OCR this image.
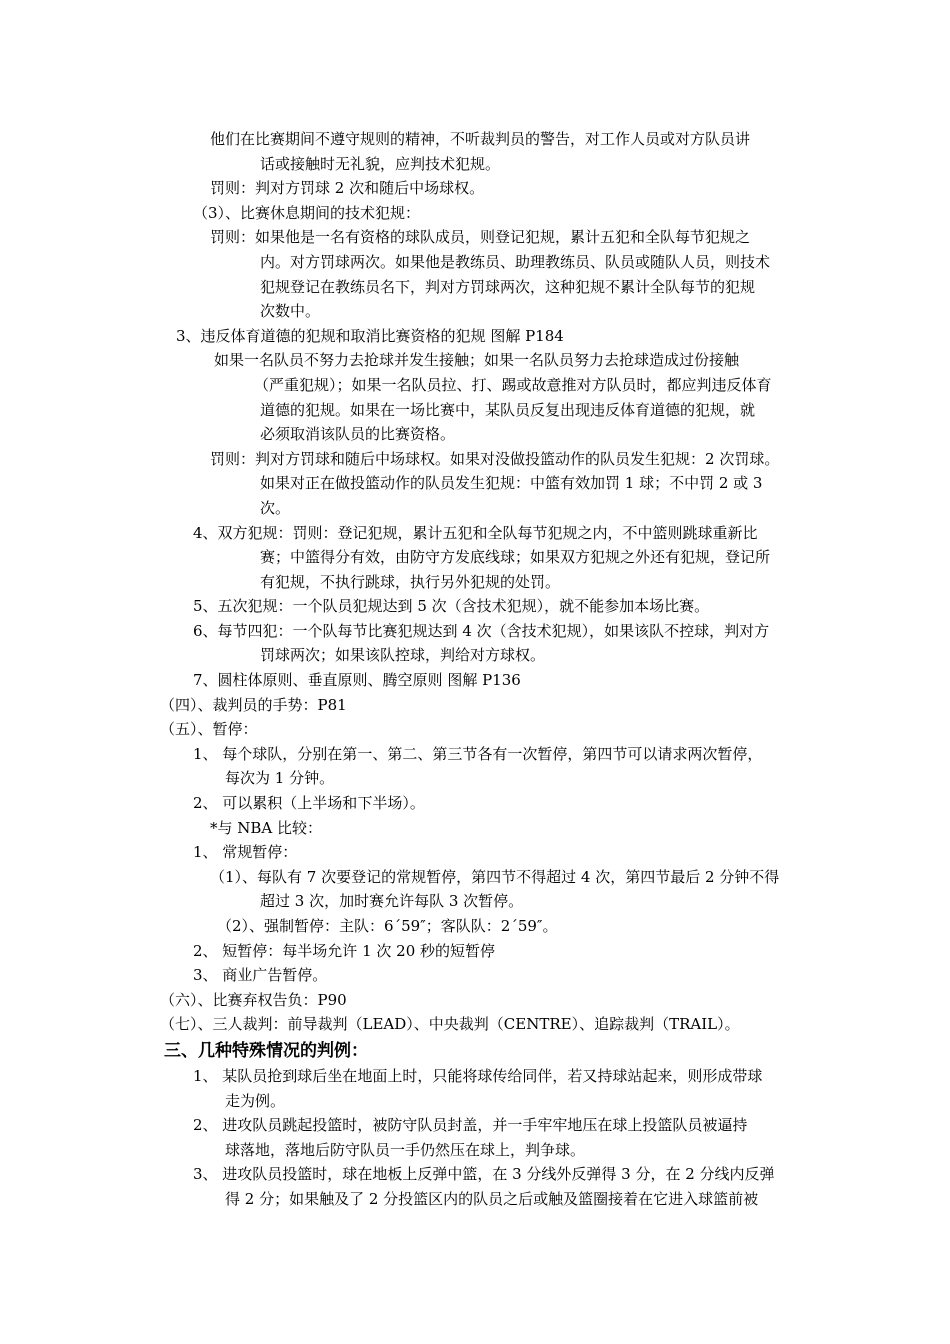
他们在比赛期间不遵守规则的精神，不听裁判员的警告，对工作人员或对方队员讲
话或接触时无礼貌，应判技术犯规。
罚则：判对方罚球 2 次和随后中场球权。
（3）、比赛休息期间的技术犯规：
罚则：如果他是一名有资格的球队成员，则登记犯规，累计五犯和全队每节犯规之
内。对方罚球两次。如果他是教练员、助理教练员、队员或随队人员，则技术
犯规登记在教练员名下，判对方罚球两次，这种犯规不累计全队每节的犯规
次数中。
3、违反体育道德的犯规和取消比赛资格的犯规 图解 P184
如果一名队员不努力去抢球并发生接触；如果一名队员努力去抢球造成过份接触
（严重犯规）；如果一名队员拉、打、踢或故意推对方队员时，都应判违反体育
道德的犯规。如果在一场比赛中，某队员反复出现违反体育道德的犯规，就
必须取消该队员的比赛资格。
罚则：判对方罚球和随后中场球权。如果对没做投篮动作的队员发生犯规：2 次罚球。
如果对正在做投篮动作的队员发生犯规：中篮有效加罚 1 球；不中罚 2 或 3
次。
4、双方犯规：罚则：登记犯规，累计五犯和全队每节犯规之内，不中篮则跳球重新比
赛；中篮得分有效，由防守方发底线球；如果双方犯规之外还有犯规，登记所
有犯规，不执行跳球，执行另外犯规的处罚。
5、五次犯规：一个队员犯规达到 5 次（含技术犯规），就不能参加本场比赛。
6、每节四犯：一个队每节比赛犯规达到 4 次（含技术犯规），如果该队不控球，判对方
罚球两次；如果该队控球，判给对方球权。
7、圆柱体原则、垂直原则、腾空原则 图解 P136
（四）、裁判员的手势：P81
（五）、暂停：
1、 每个球队，分别在第一、第二、第三节各有一次暂停，第四节可以请求两次暂停，
每次为 1 分钟。
2、 可以累积（上半场和下半场）。
*与 NBA 比较：
1、 常规暂停：
（1）、每队有 7 次要登记的常规暂停，第四节不得超过 4 次，第四节最后 2 分钟不得
超过 3 次，加时赛允许每队 3 次暂停。
（2）、强制暂停：主队：6´59″；客队队：2´59″。
2、 短暂停：每半场允许 1 次 20 秒的短暂停
3、 商业广告暂停。
（六）、比赛弃权告负：P90
（七）、三人裁判：前导裁判（LEAD）、中央裁判（CENTRE）、追踪裁判（TRAIL）。
三、几种特殊情况的判例：
1、 某队员抢到球后坐在地面上时，只能将球传给同伴，若又持球站起来，则形成带球
走为例。
2、 进攻队员跳起投篮时，被防守队员封盖，并一手牢牢地压在球上投篮队员被逼持
球落地，落地后防守队员一手仍然压在球上，判争球。
3、 进攻队员投篮时，球在地板上反弹中篮，在 3 分线外反弹得 3 分，在 2 分线内反弹
得 2 分；如果触及了 2 分投篮区内的队员之后或触及篮圈接着在它进入球篮前被
